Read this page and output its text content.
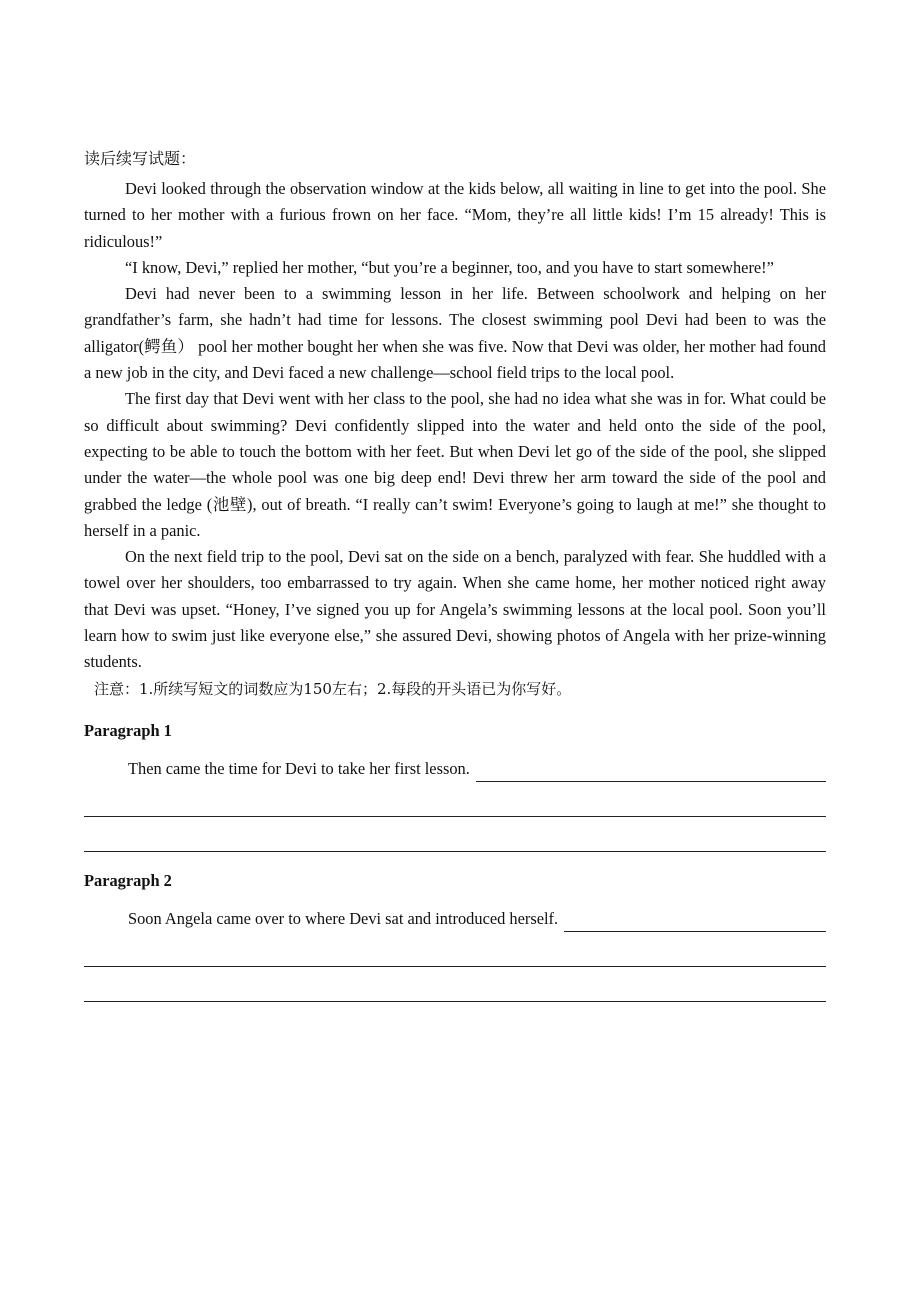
读后续写试题：

Devi looked through the observation window at the kids below, all waiting in line to get into the pool. She turned to her mother with a furious frown on her face. “Mom, they’re all little kids! I’m 15 already! This is ridiculous!”

“I know, Devi,” replied her mother, “but you’re a beginner, too, and you have to start somewhere!”

Devi had never been to a swimming lesson in her life. Between schoolwork and helping on her grandfather’s farm, she hadn’t had time for lessons. The closest swimming pool Devi had been to was the alligator(鳄鱼） pool her mother bought her when she was five. Now that Devi was older, her mother had found a new job in the city, and Devi faced a new challenge—school field trips to the local pool.

The first day that Devi went with her class to the pool, she had no idea what she was in for. What could be so difficult about swimming? Devi confidently slipped into the water and held onto the side of the pool, expecting to be able to touch the bottom with her feet. But when Devi let go of the side of the pool, she slipped under the water—the whole pool was one big deep end! Devi threw her arm toward the side of the pool and grabbed the ledge (池壁), out of breath. “I really can’t swim! Everyone’s going to laugh at me!” she thought to herself in a panic.

On the next field trip to the pool, Devi sat on the side on a bench, paralyzed with fear. She huddled with a towel over her shoulders, too embarrassed to try again. When she came home, her mother noticed right away that Devi was upset. “Honey, I’ve signed you up for Angela’s swimming lessons at the local pool. Soon you’ll learn how to swim just like everyone else,” she assured Devi, showing photos of Angela with her prize-winning students.

注意：1.所续写短文的词数应为150左右；2.每段的开头语已为你写好。
Paragraph 1
Then came the time for Devi to take her first lesson.
Paragraph 2
Soon Angela came over to where Devi sat and introduced herself.
